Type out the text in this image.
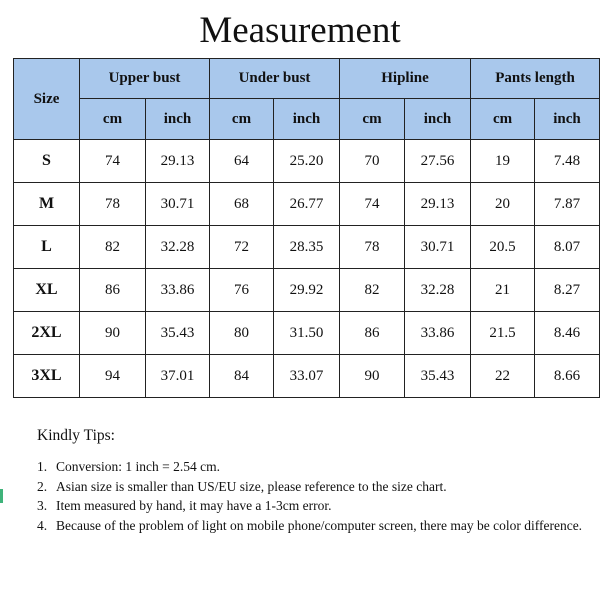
Measurement
Size	Upper bust		Under bust		Hipline		Pants length	
	cm	inch	cm	inch	cm	inch	cm	inch
S	74	29.13	64	25.20	70	27.56	19	7.48
M	78	30.71	68	26.77	74	29.13	20	7.87
L	82	32.28	72	28.35	78	30.71	20.5	8.07
XL	86	33.86	76	29.92	82	32.28	21	8.27
2XL	90	35.43	80	31.50	86	33.86	21.5	8.46
3XL	94	37.01	84	33.07	90	35.43	22	8.66
Kindly Tips:
1. Conversion: 1 inch = 2.54 cm.
2. Asian size is smaller than US/EU size, please reference to the size chart.
3. Item measured by hand, it may have a 1-3cm error.
4. Because of the problem of light on mobile phone/computer screen, there may be color difference.
